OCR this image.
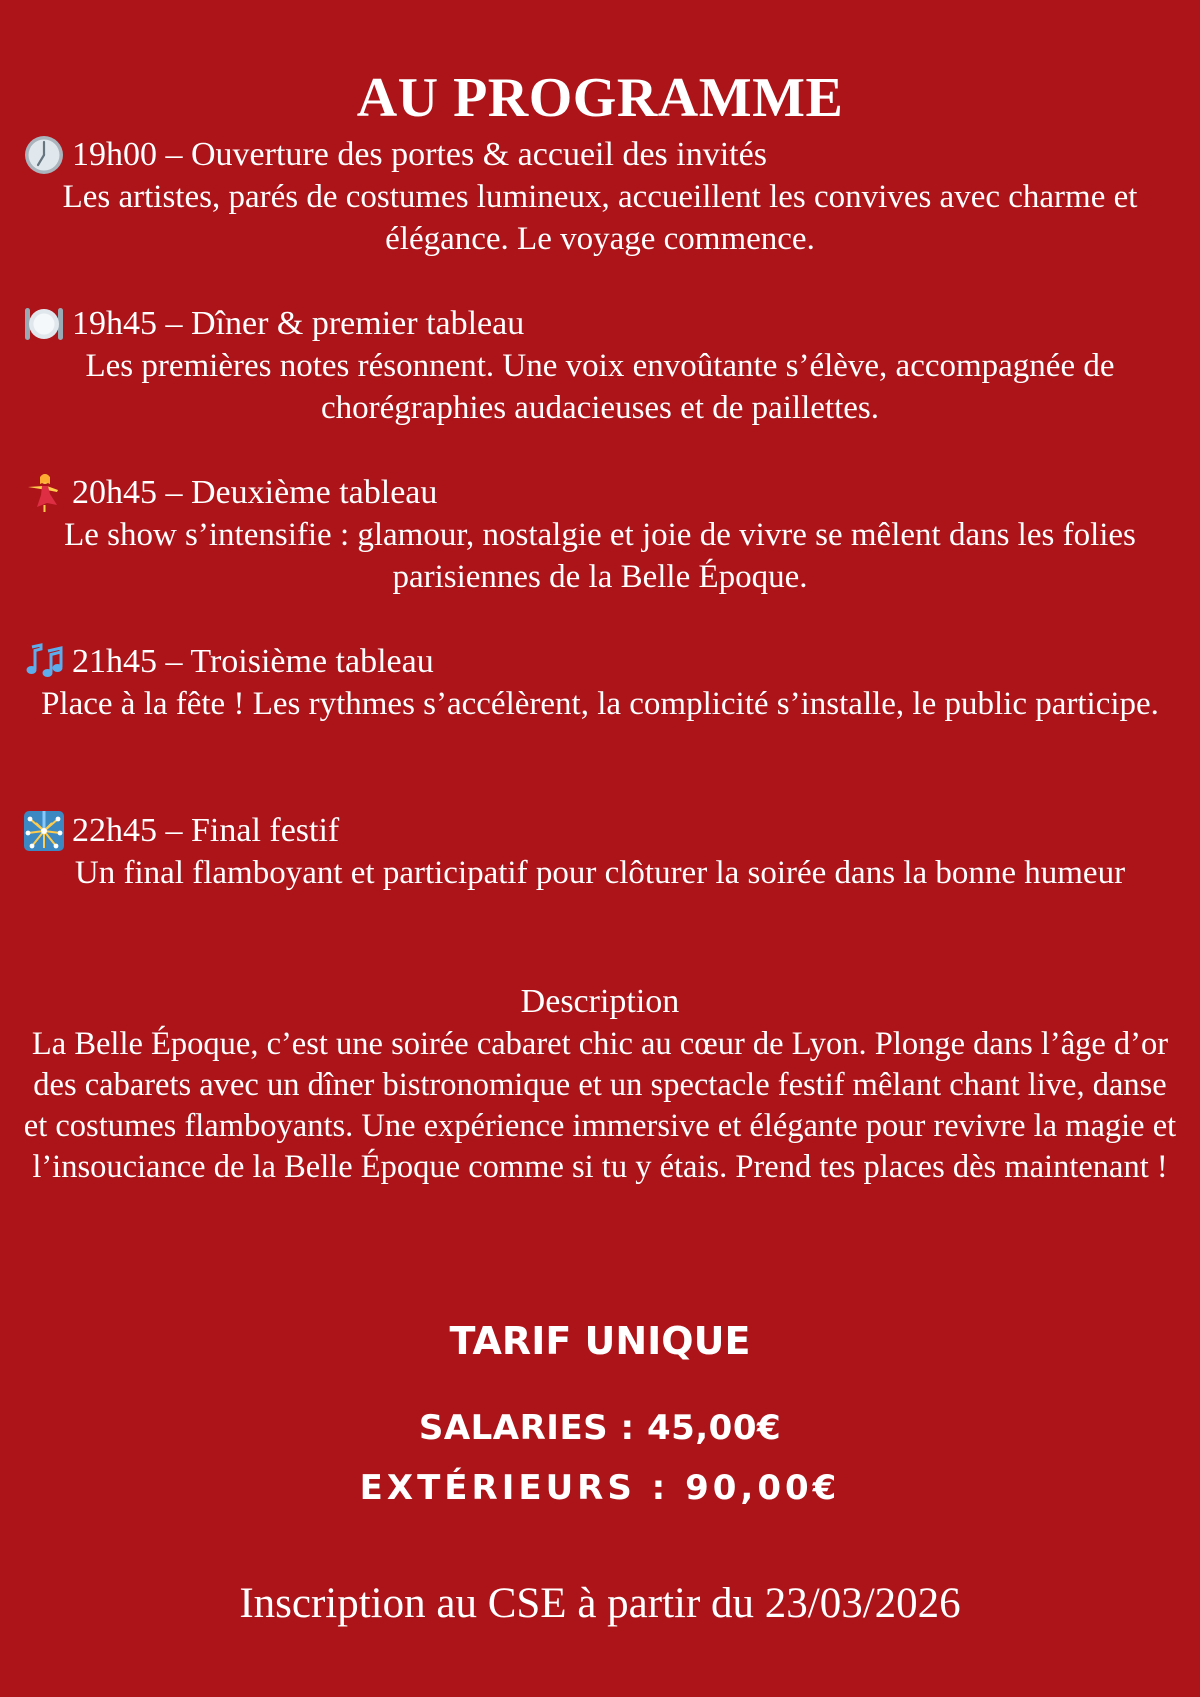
AU PROGRAMME
19h00 – Ouverture des portes & accueil des invités
Les artistes, parés de costumes lumineux, accueillent les convives avec charme et élégance. Le voyage commence.
19h45 – Dîner & premier tableau
Les premières notes résonnent. Une voix envoûtante s’élève, accompagnée de chorégraphies audacieuses et de paillettes.
20h45 – Deuxième tableau
Le show s’intensifie : glamour, nostalgie et joie de vivre se mêlent dans les folies parisiennes de la Belle Époque.
21h45 – Troisième tableau
Place à la fête ! Les rythmes s’accélèrent, la complicité s’installe, le public participe.
22h45 – Final festif
Un final flamboyant et participatif pour clôturer la soirée dans la bonne humeur
Description
La Belle Époque, c’est une soirée cabaret chic au cœur de Lyon. Plonge dans l’âge d’or des cabarets avec un dîner bistronomique et un spectacle festif mêlant chant live, danse et costumes flamboyants. Une expérience immersive et élégante pour revivre la magie et l’insouciance de la Belle Époque comme si tu y étais. Prend tes places dès maintenant !
TARIF UNIQUE
SALARIES : 45,00€
EXTÉRIEURS : 90,00€
Inscription au CSE à partir du 23/03/2026
